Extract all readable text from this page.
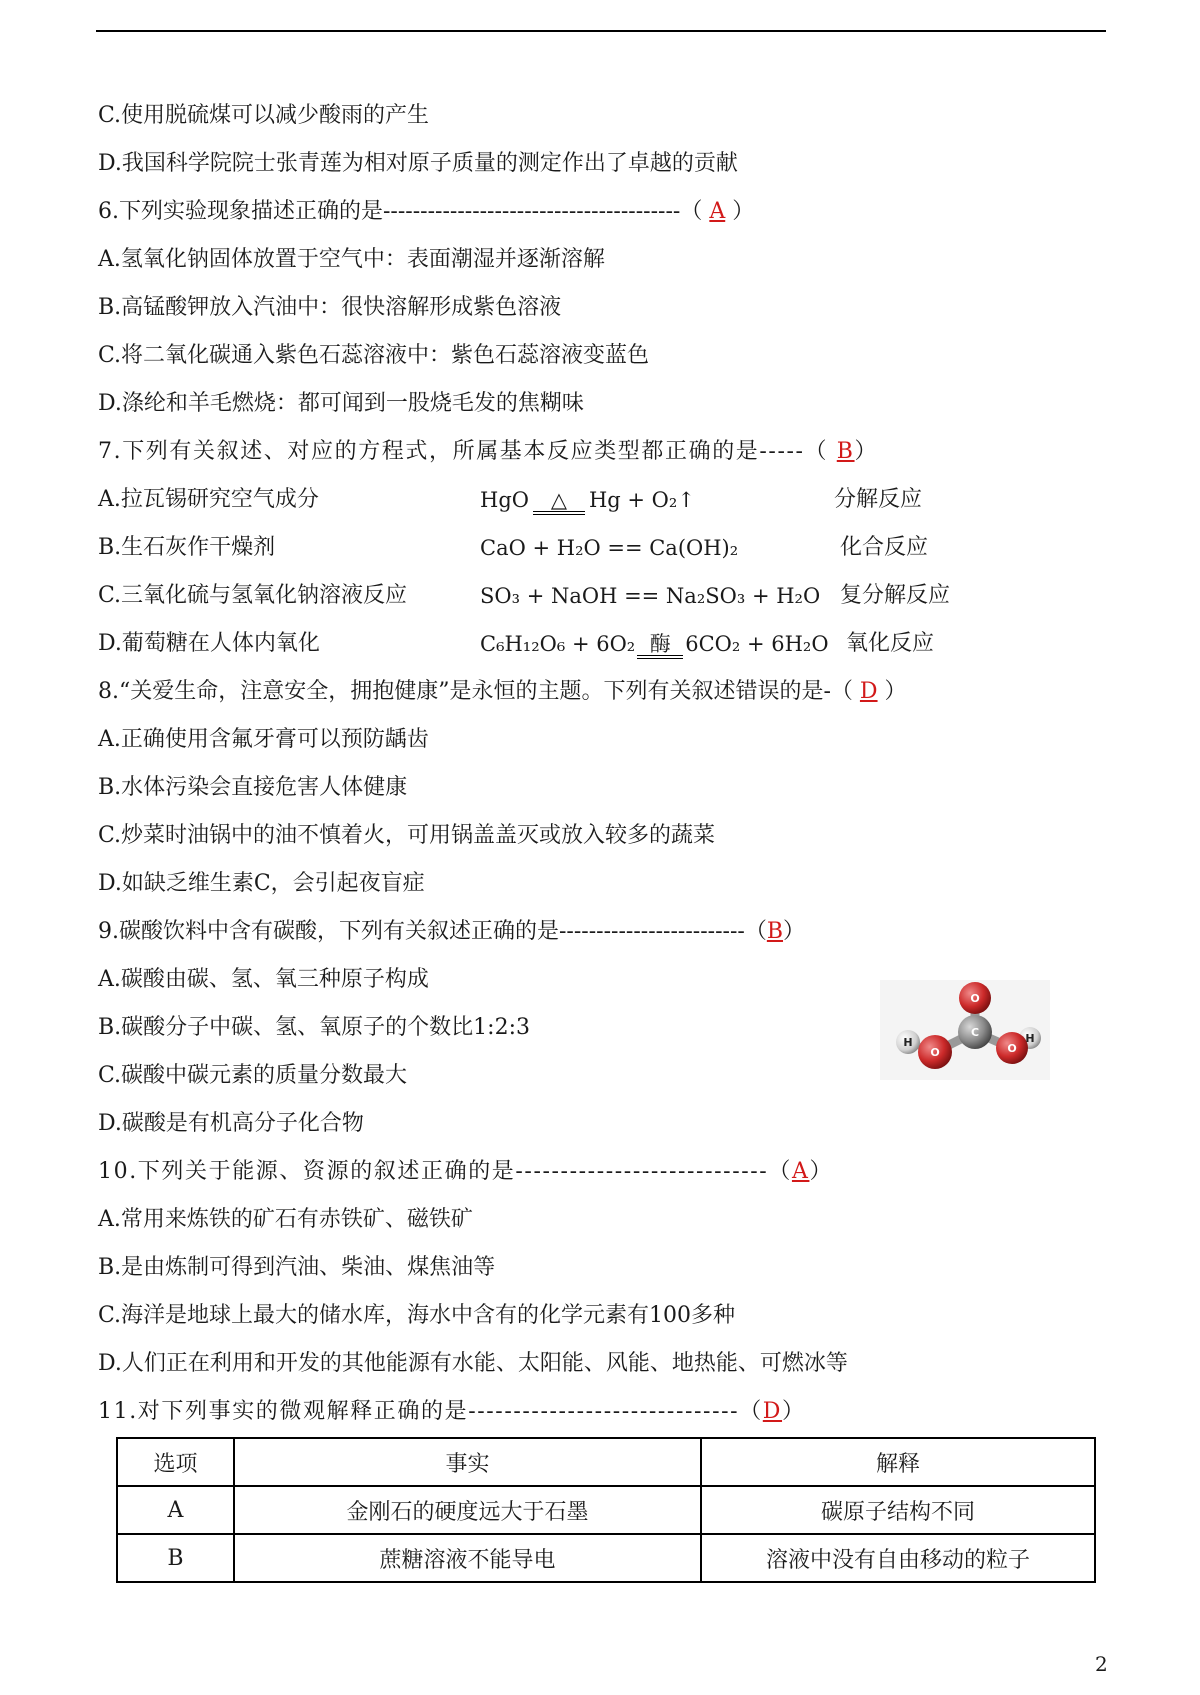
C.使用脱硫煤可以减少酸雨的产生
D.我国科学院院士张青莲为相对原子质量的测定作出了卓越的贡献
6.下列实验现象描述正确的是----------------------------------------（ A ）
A.氢氧化钠固体放置于空气中：表面潮湿并逐渐溶解
B.高锰酸钾放入汽油中：很快溶解形成紫色溶液
C.将二氧化碳通入紫色石蕊溶液中：紫色石蕊溶液变蓝色
D.涤纶和羊毛燃烧：都可闻到一股烧毛发的焦糊味
7.下列有关叙述、对应的方程式，所属基本反应类型都正确的是-----（ B）
A.拉瓦锡研究空气成分	HgO △ Hg + O₂↑	分解反应
B.生石灰作干燥剂	CaO + H₂O == Ca(OH)₂	化合反应
C.三氧化硫与氢氧化钠溶液反应	SO₃ + NaOH == Na₂SO₃ + H₂O 复分解反应
D.葡萄糖在人体内氧化	C₆H₁₂O₆ + 6O₂ 酶 6CO₂ + 6H₂O 氧化反应
8.“关爱生命，注意安全，拥抱健康”是永恒的主题。下列有关叙述错误的是-（ D ）
A.正确使用含氟牙膏可以预防龋齿
B.水体污染会直接危害人体健康
C.炒菜时油锅中的油不慎着火，可用锅盖盖灭或放入较多的蔬菜
D.如缺乏维生素C，会引起夜盲症
9.碳酸饮料中含有碳酸，下列有关叙述正确的是-------------------------（B）
A.碳酸由碳、氢、氧三种原子构成
B.碳酸分子中碳、氢、氧原子的个数比1:2:3
C.碳酸中碳元素的质量分数最大
D.碳酸是有机高分子化合物
O
C
O
H	O
H
10.下列关于能源、资源的叙述正确的是----------------------------（A）
A.常用来炼铁的矿石有赤铁矿、磁铁矿
B.是由炼制可得到汽油、柴油、煤焦油等
C.海洋是地球上最大的储水库，海水中含有的化学元素有100多种
D.人们正在利用和开发的其他能源有水能、太阳能、风能、地热能、可燃冰等
11.对下列事实的微观解释正确的是------------------------------（D）
选项	事实	解释
A	金刚石的硬度远大于石墨	碳原子结构不同
B	蔗糖溶液不能导电	溶液中没有自由移动的粒子
2
